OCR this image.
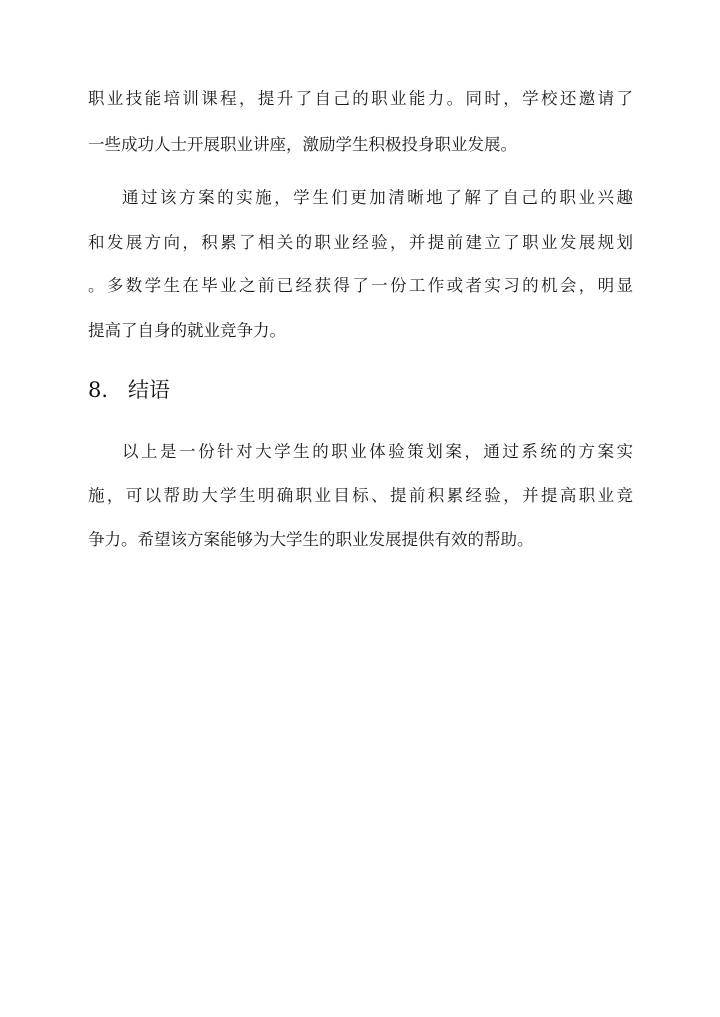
职业技能培训课程，提升了自己的职业能力。同时，学校还邀请了
一些成功人士开展职业讲座，激励学生积极投身职业发展。
通过该方案的实施，学生们更加清晰地了解了自己的职业兴趣
和发展方向，积累了相关的职业经验，并提前建立了职业发展规划
。多数学生在毕业之前已经获得了一份工作或者实习的机会，明显
提高了自身的就业竞争力。
8. 结语
以上是一份针对大学生的职业体验策划案，通过系统的方案实
施，可以帮助大学生明确职业目标、提前积累经验，并提高职业竞
争力。希望该方案能够为大学生的职业发展提供有效的帮助。
